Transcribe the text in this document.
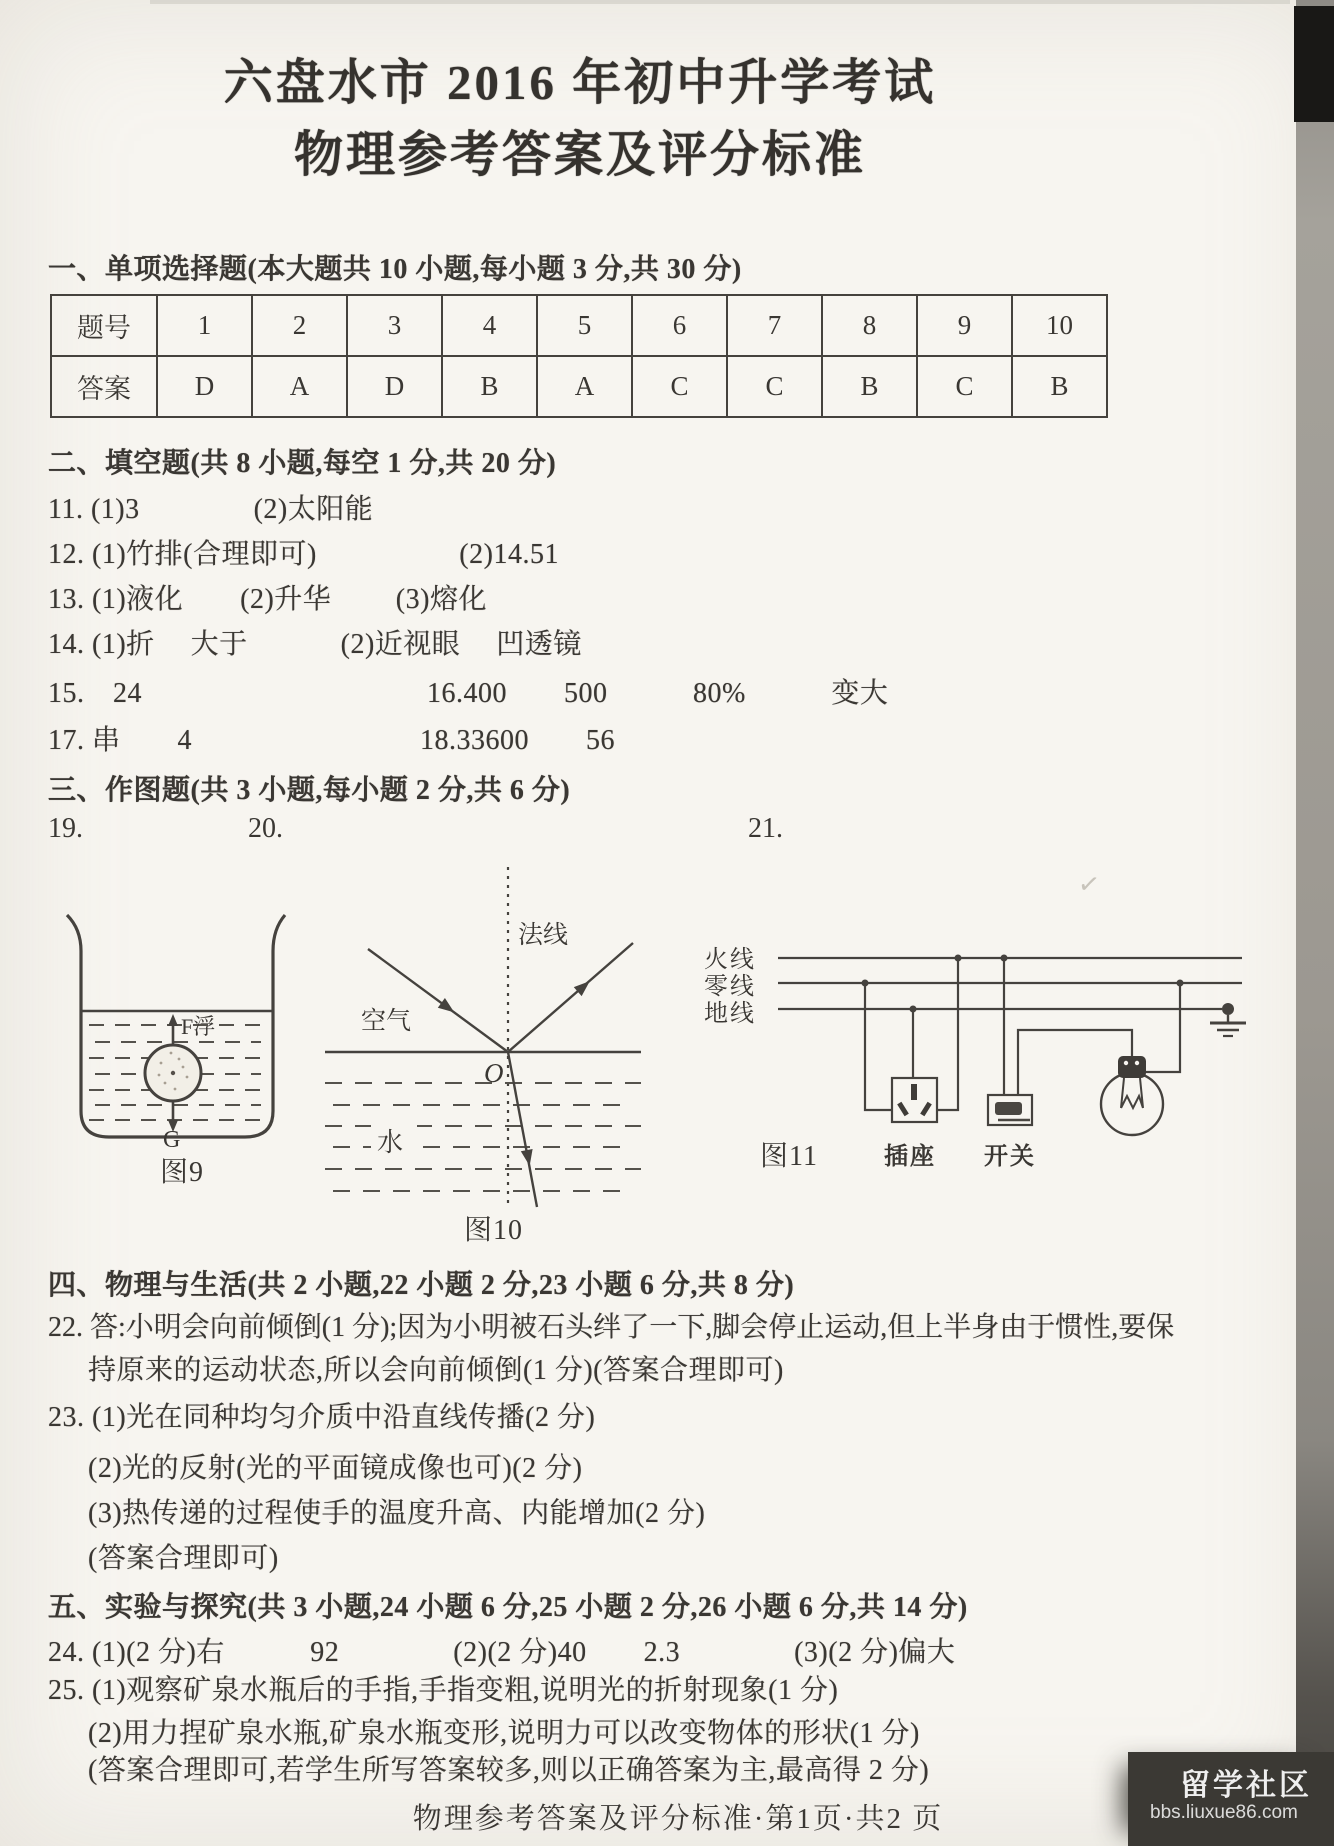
六盘水市 2016 年初中升学考试
物理参考答案及评分标准
一、单项选择题(本大题共 10 小题,每小题 3 分,共 30 分)
题号	1	2	3	4	5	6	7	8	9	10
答案	D	A	D	B	A	C	C	B	C	B
二、填空题(共 8 小题,每空 1 分,共 20 分)
11. (1)3　　　　(2)太阳能
12. (1)竹排(合理即可)　　　　　(2)14.51
13. (1)液化　　(2)升华　　 (3)熔化
14. (1)折　 大于　　　 (2)近视眼　 凹透镜
15.　24　　　　　　　　　　16.400　　500　　　80%　　　变大
17. 串　　4　　　　　　　　18.33600　　56
三、作图题(共 3 小题,每小题 2 分,共 6 分)
19.	20.	21.
F浮
G
图9
法线
空气
O
水
图10
火线
零线
地线
图11	插座 开关
✓
四、物理与生活(共 2 小题,22 小题 2 分,23 小题 6 分,共 8 分)
22. 答:小明会向前倾倒(1 分);因为小明被石头绊了一下,脚会停止运动,但上半身由于惯性,要保
持原来的运动状态,所以会向前倾倒(1 分)(答案合理即可)
23. (1)光在同种均匀介质中沿直线传播(2 分)
(2)光的反射(光的平面镜成像也可)(2 分)
(3)热传递的过程使手的温度升高、内能增加(2 分)
(答案合理即可)
五、实验与探究(共 3 小题,24 小题 6 分,25 小题 2 分,26 小题 6 分,共 14 分)
24. (1)(2 分)右　　　92　　　　(2)(2 分)40　　2.3　　　　(3)(2 分)偏大
25. (1)观察矿泉水瓶后的手指,手指变粗,说明光的折射现象(1 分)
(2)用力捏矿泉水瓶,矿泉水瓶变形,说明力可以改变物体的形状(1 分)
(答案合理即可,若学生所写答案较多,则以正确答案为主,最高得 2 分)
物理参考答案及评分标准·第1页·共2 页
留学社区
bbs.liuxue86.com
